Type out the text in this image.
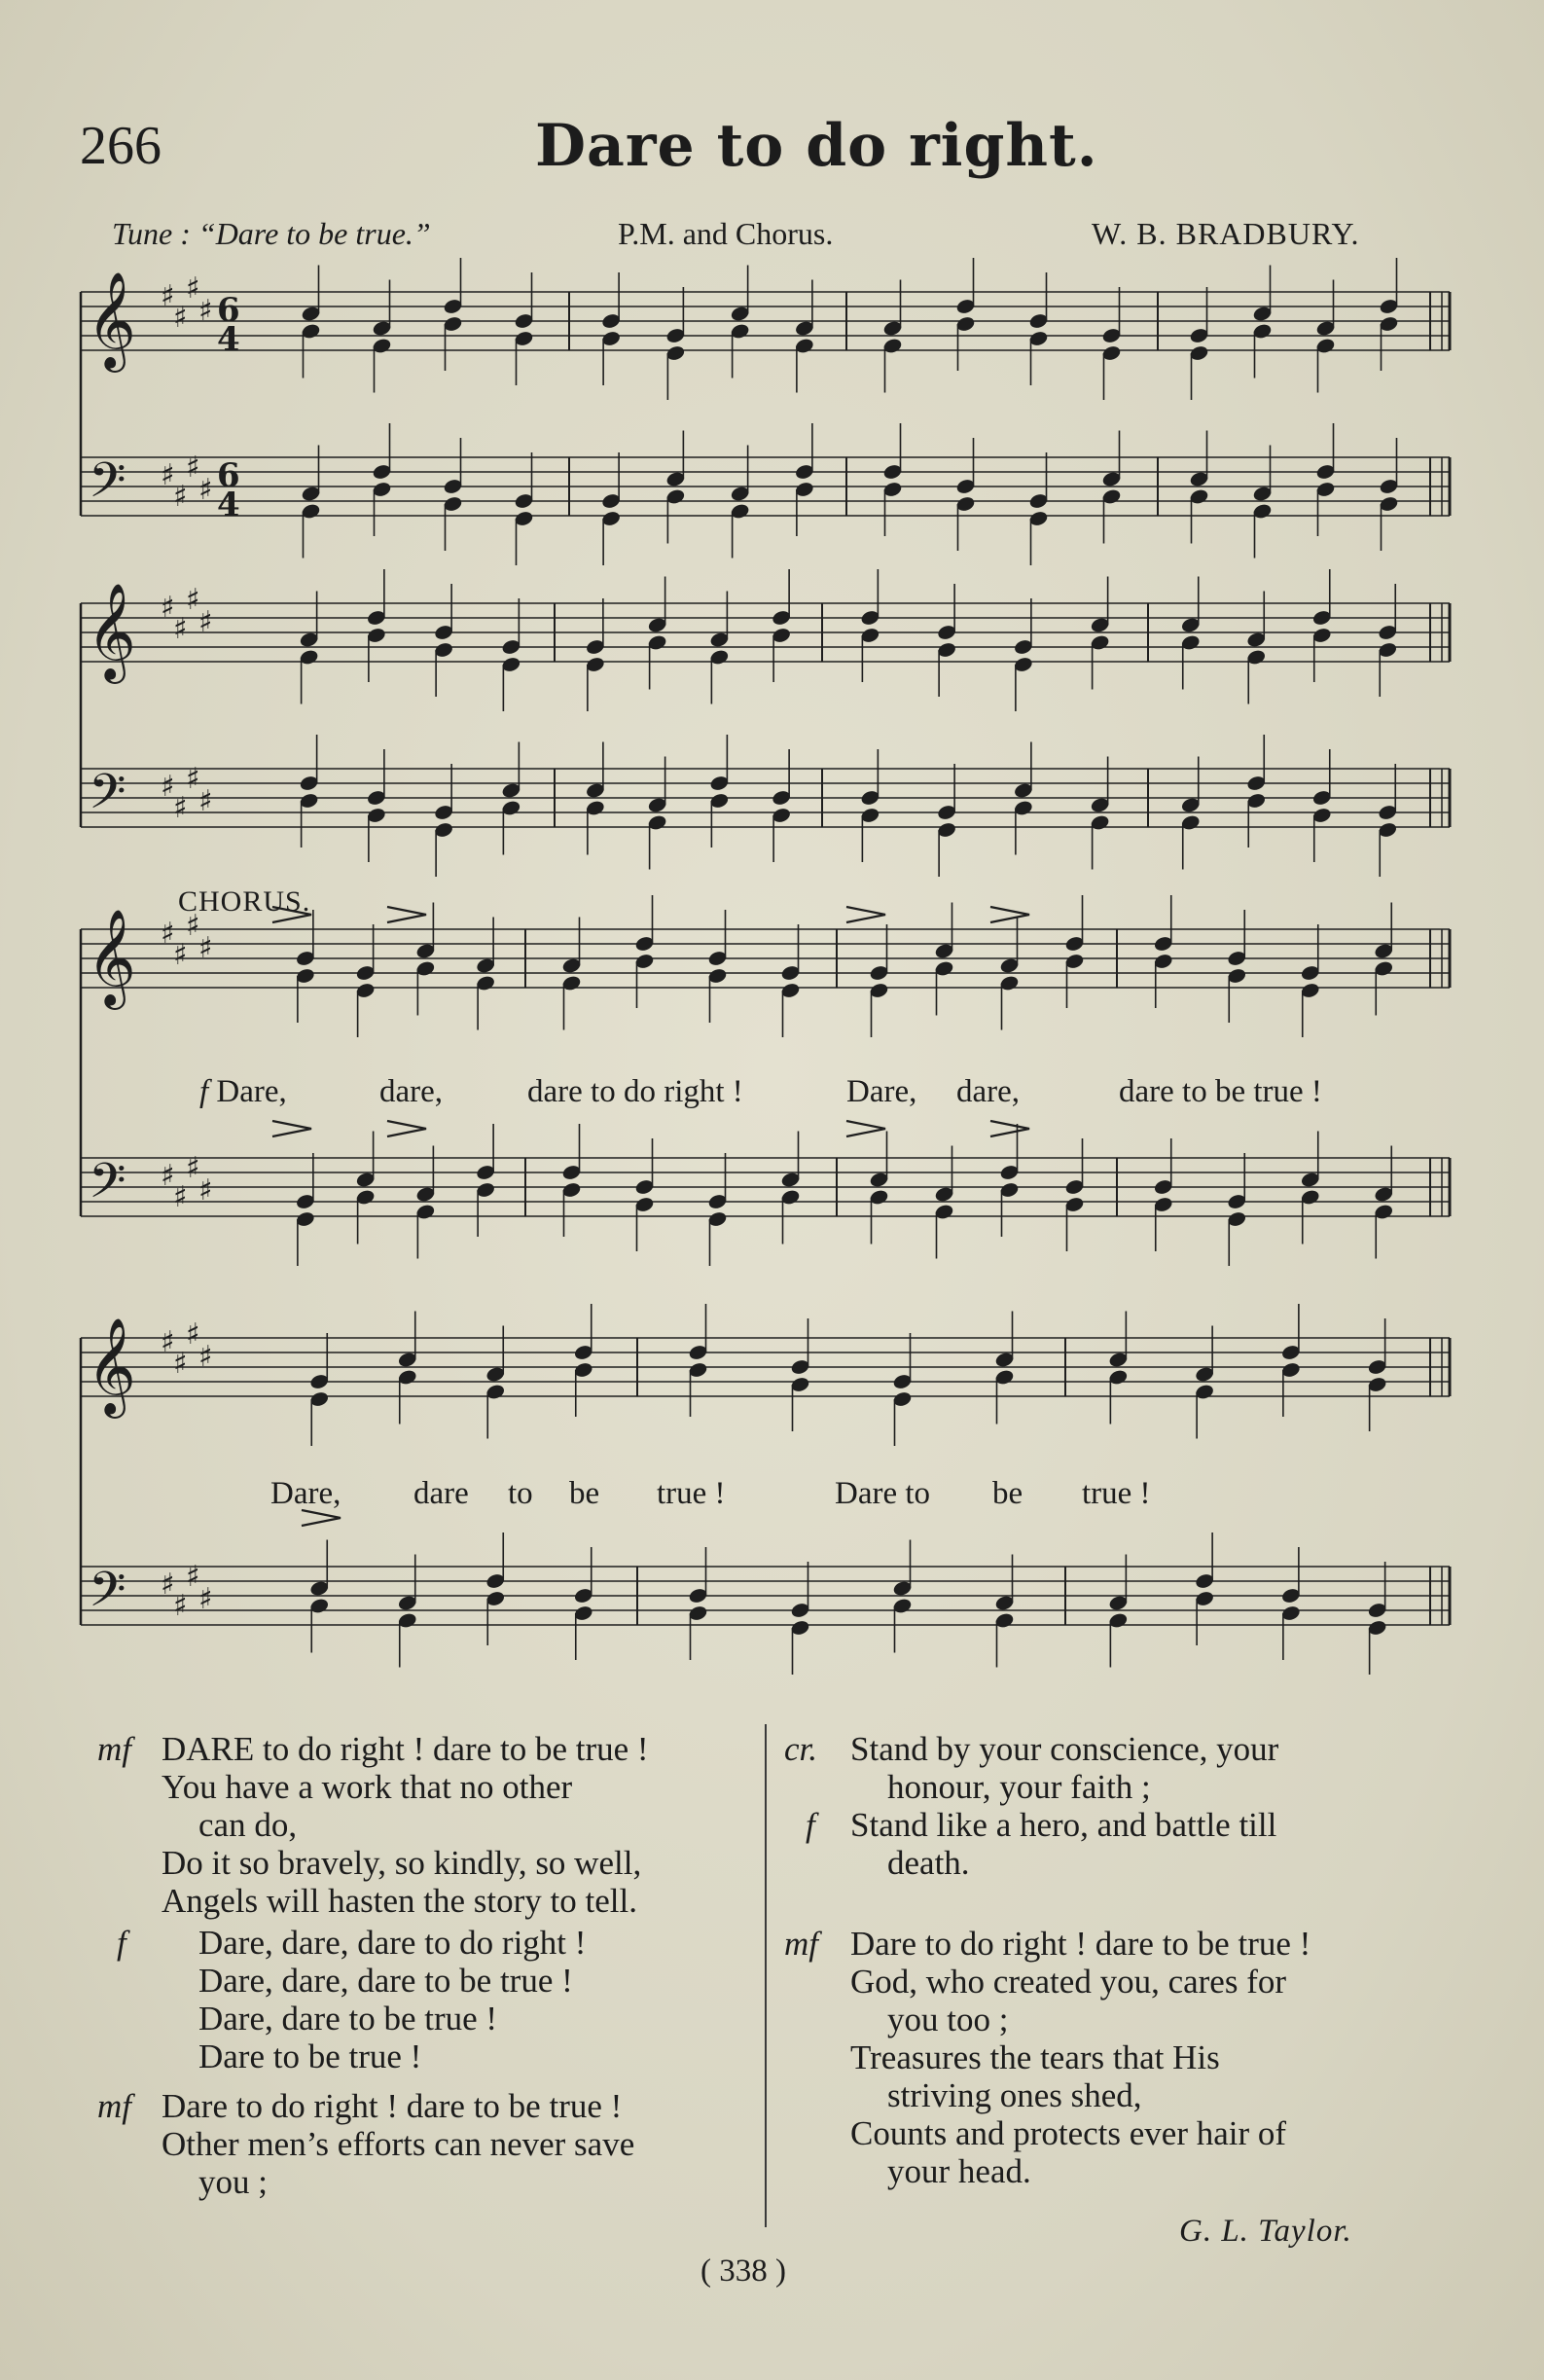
266	Dare to do right.
Tune : “Dare to be true.”	P.M. and Chorus.	W. B. BRADBURY.
𝄞
𝄢
♯
♯
♯
♯
♯
♯
♯
♯
6
4
6
4
𝄞
𝄢
♯
♯
♯
♯
♯
♯
♯
♯
𝄞
𝄢
♯
♯
♯
♯
♯
♯
♯
♯
𝄞
𝄢
♯
♯
♯
♯
♯
♯
♯
♯
CHORUS.
f Dare,	dare,	dare to do right !	Dare, dare,	dare to be true !
Dare, dare to be true !	Dare to be true !
mf DARE to do right ! dare to be true !
You have a work that no other
can do,
Do it so bravely, so kindly, so well,
Angels will hasten the story to tell.
f Dare, dare, dare to do right !
Dare, dare, dare to be true !
Dare, dare to be true !
Dare to be true !
mf Dare to do right ! dare to be true !
Other men’s efforts can never save
you ;
cr. Stand by your conscience, your
honour, your faith ;
f Stand like a hero, and battle till
death.
mf Dare to do right ! dare to be true !
God, who created you, cares for
you too ;
Treasures the tears that His
striving ones shed,
Counts and protects ever hair of
your head.
G. L. Taylor.
( 338 )
